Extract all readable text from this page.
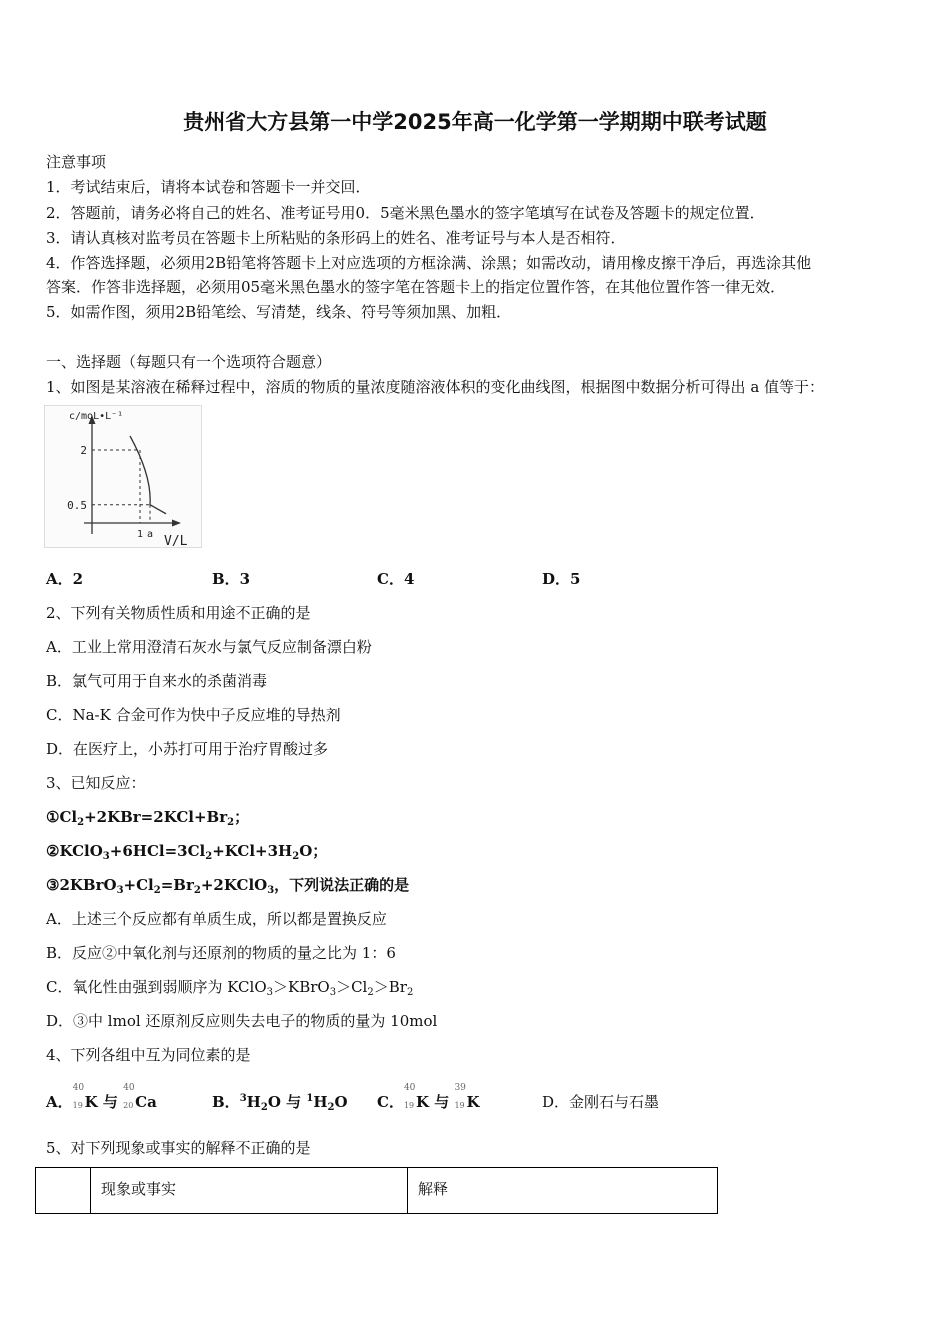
贵州省大方县第一中学2025年高一化学第一学期期中联考试题
注意事项
1．考试结束后，请将本试卷和答题卡一并交回．
2．答题前，请务必将自己的姓名、准考证号用0．5毫米黑色墨水的签字笔填写在试卷及答题卡的规定位置．
3．请认真核对监考员在答题卡上所粘贴的条形码上的姓名、准考证号与本人是否相符．
4．作答选择题，必须用2B铅笔将答题卡上对应选项的方框涂满、涂黑；如需改动，请用橡皮擦干净后，再选涂其他
答案．作答非选择题，必须用05毫米黑色墨水的签字笔在答题卡上的指定位置作答，在其他位置作答一律无效．
5．如需作图，须用2B铅笔绘、写清楚，线条、符号等须加黑、加粗．
一、选择题（每题只有一个选项符合题意）
1、如图是某溶液在稀释过程中，溶质的物质的量浓度随溶液体积的变化曲线图，根据图中数据分析可得出 a 值等于：
c/moL•L⁻¹
V/L
2
0.5
1 a
A．2	B．3	C．4	D．5
2、下列有关物质性质和用途不正确的是
A．工业上常用澄清石灰水与氯气反应制备漂白粉
B．氯气可用于自来水的杀菌消毒
C．Na-K 合金可作为快中子反应堆的导热剂
D．在医疗上，小苏打可用于治疗胃酸过多
3、已知反应：
$①Cl_2+2KBr=2KCl+Br_2$；
$②KClO_3+6HCl=3Cl_2+KCl+3H_2O$；
$③2KBrO_3+Cl_2=Br_2+2KClO_3$，下列说法正确的是
A．上述三个反应都有单质生成，所以都是置换反应
B．反应②中氧化剂与还原剂的物质的量之比为 1：6
C．氧化性由强到弱顺序为 $KClO_3>KBrO_3>Cl_2>Br_2$
D．③中 lmol 还原剂反应则失去电子的物质的量为 10mol
4、下列各组中互为同位素的是
A．
40
19 K 与
40
20 Ca	B．$^3H_2O$ 与 $^1H_2O$ C．
40
19 K 与
39
19 K	D．金刚石与石墨
5、对下列现象或事实的解释不正确的是
	现象或事实	解释
